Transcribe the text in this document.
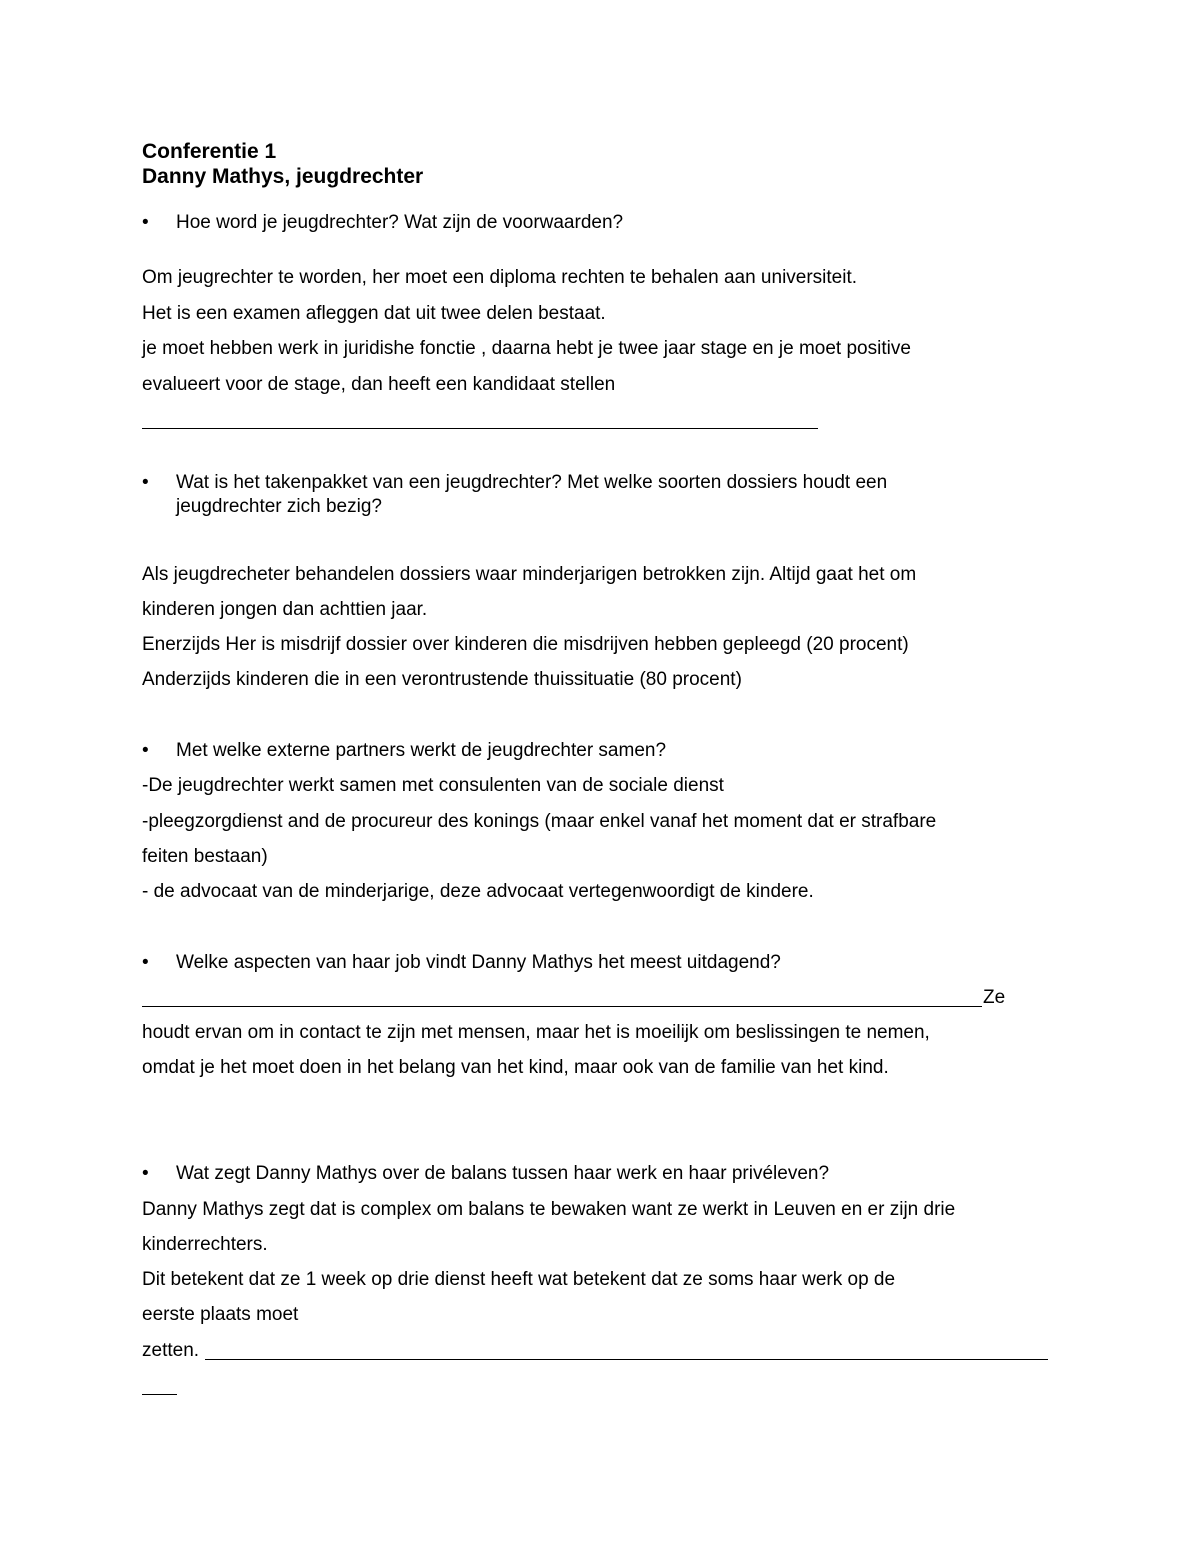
Conferentie 1
Danny Mathys, jeugdrechter
•	Hoe word je jeugdrechter? Wat zijn de voorwaarden?
Om jeugrechter te worden, her moet een diploma rechten te behalen aan universiteit.
Het is een examen afleggen dat uit twee delen bestaat.
je moet hebben werk in juridishe fonctie , daarna hebt je twee jaar stage en je moet positive
evalueert voor de stage, dan heeft een kandidaat stellen
•	Wat is het takenpakket van een jeugdrechter? Met welke soorten dossiers houdt een
jeugdrechter zich bezig?
Als jeugdrecheter behandelen dossiers waar minderjarigen betrokken zijn. Altijd gaat het om
kinderen jongen dan achttien jaar.
Enerzijds Her is misdrijf dossier over kinderen die misdrijven hebben gepleegd (20 procent)
Anderzijds kinderen die in een verontrustende thuissituatie (80 procent)
•	Met welke externe partners werkt de jeugdrechter samen?
-De jeugdrechter werkt samen met consulenten van de sociale dienst
-pleegzorgdienst and de procureur des konings (maar enkel vanaf het moment dat er strafbare
feiten bestaan)
- de advocaat van de minderjarige, deze advocaat vertegenwoordigt de kindere.
•	Welke aspecten van haar job vindt Danny Mathys het meest uitdagend?
Ze
houdt ervan om in contact te zijn met mensen, maar het is moeilijk om beslissingen te nemen,
omdat je het moet doen in het belang van het kind, maar ook van de familie van het kind.
•	Wat zegt Danny Mathys over de balans tussen haar werk en haar privéleven?
Danny Mathys zegt dat is complex om balans te bewaken want ze werkt in Leuven en er zijn drie
kinderrechters.
Dit betekent dat ze 1 week op drie dienst heeft wat betekent dat ze soms haar werk op de
eerste plaats moet
zetten.
